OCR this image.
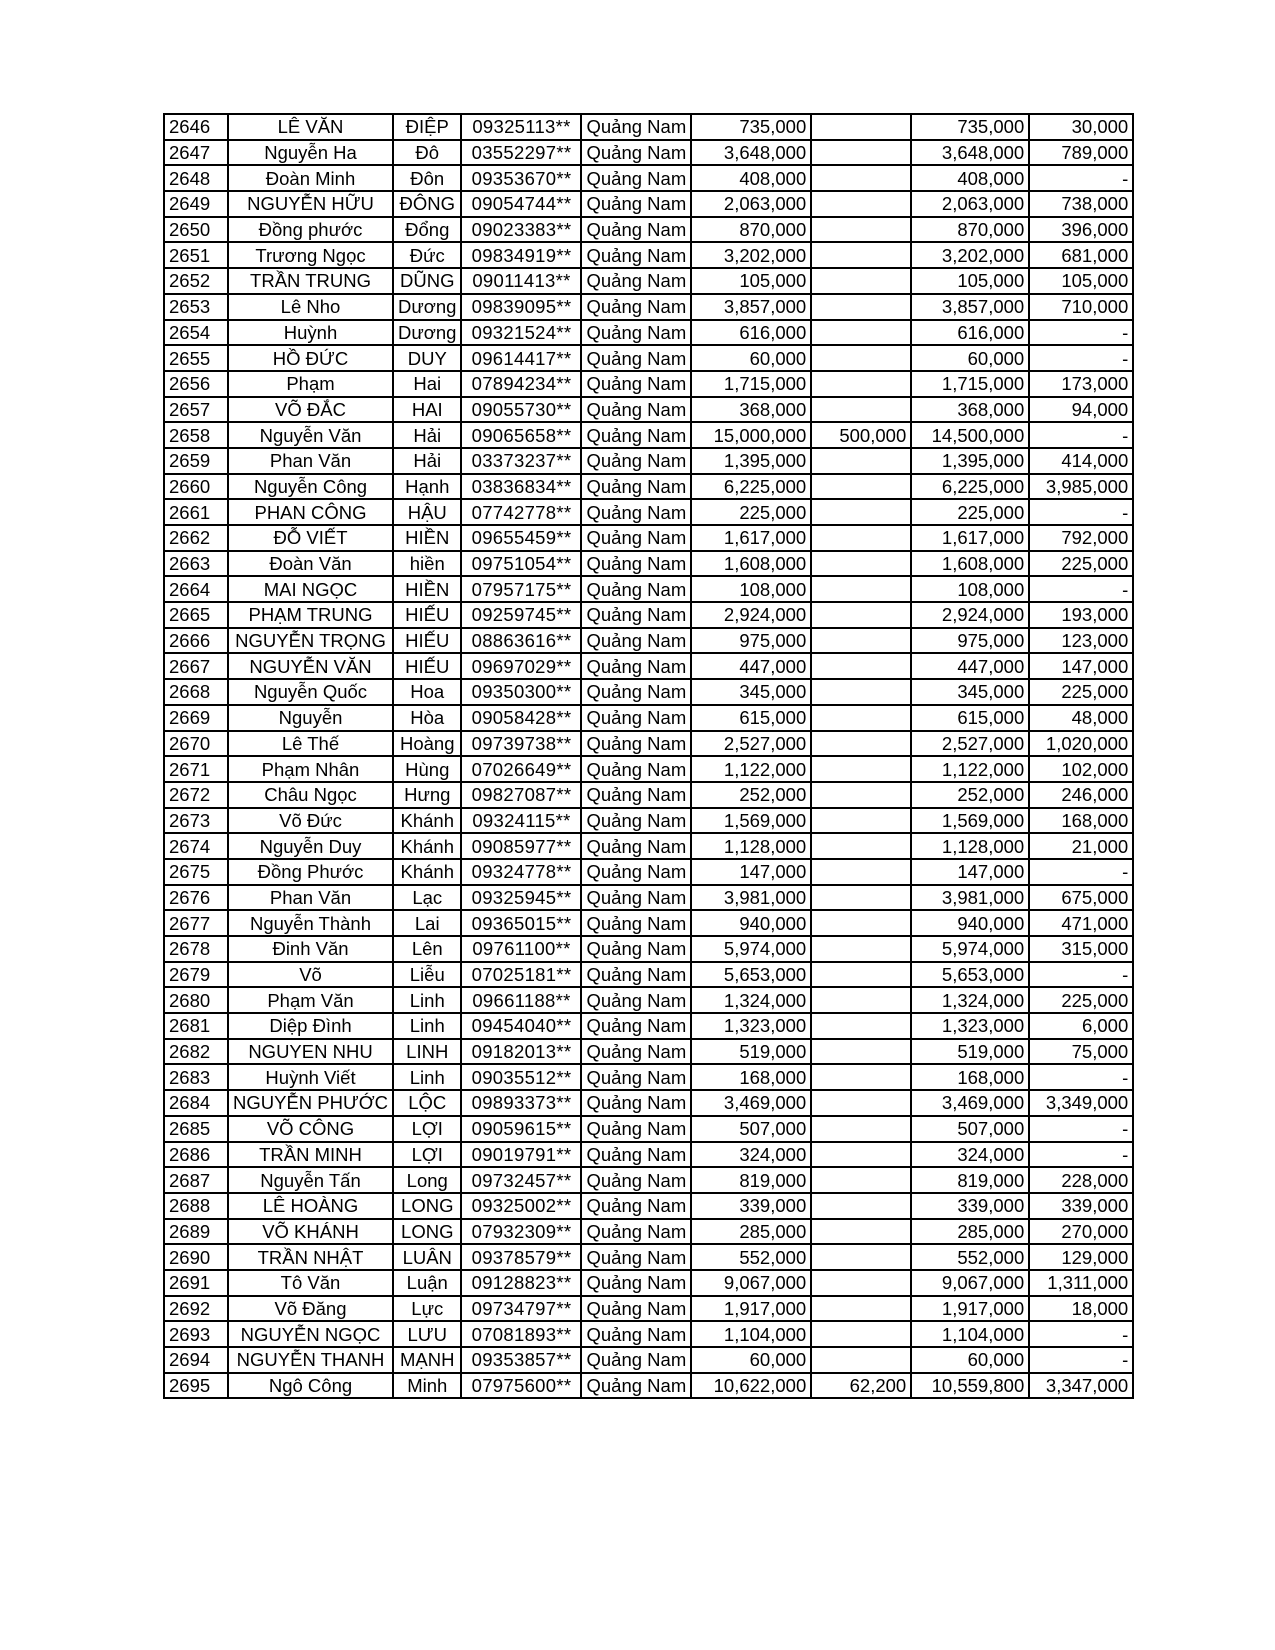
2646	LÊ VĂN	ĐIỆP	09325113**	Quảng Nam	735,000		735,000	30,000
2647	Nguyễn Ha	Đô	03552297**	Quảng Nam	3,648,000		3,648,000	789,000
2648	Đoàn Minh	Đôn	09353670**	Quảng Nam	408,000		408,000	-
2649	NGUYỄN HỮU	ĐÔNG	09054744**	Quảng Nam	2,063,000		2,063,000	738,000
2650	Đồng phước	Đổng	09023383**	Quảng Nam	870,000		870,000	396,000
2651	Trương Ngọc	Đức	09834919**	Quảng Nam	3,202,000		3,202,000	681,000
2652	TRẦN TRUNG	DŨNG	09011413**	Quảng Nam	105,000		105,000	105,000
2653	Lê Nho	Dương	09839095**	Quảng Nam	3,857,000		3,857,000	710,000
2654	Huỳnh	Dương	09321524**	Quảng Nam	616,000		616,000	-
2655	HỒ ĐỨC	DUY	09614417**	Quảng Nam	60,000		60,000	-
2656	Phạm	Hai	07894234**	Quảng Nam	1,715,000		1,715,000	173,000
2657	VÕ ĐẮC	HAI	09055730**	Quảng Nam	368,000		368,000	94,000
2658	Nguyễn Văn	Hải	09065658**	Quảng Nam	15,000,000	500,000	14,500,000	-
2659	Phan Văn	Hải	03373237**	Quảng Nam	1,395,000		1,395,000	414,000
2660	Nguyễn Công	Hạnh	03836834**	Quảng Nam	6,225,000		6,225,000	3,985,000
2661	PHAN CÔNG	HẬU	07742778**	Quảng Nam	225,000		225,000	-
2662	ĐỖ VIẾT	HIỀN	09655459**	Quảng Nam	1,617,000		1,617,000	792,000
2663	Đoàn Văn	hiền	09751054**	Quảng Nam	1,608,000		1,608,000	225,000
2664	MAI NGỌC	HIỀN	07957175**	Quảng Nam	108,000		108,000	-
2665	PHẠM TRUNG	HIẾU	09259745**	Quảng Nam	2,924,000		2,924,000	193,000
2666	NGUYỄN TRỌNG	HIẾU	08863616**	Quảng Nam	975,000		975,000	123,000
2667	NGUYỄN VĂN	HIẾU	09697029**	Quảng Nam	447,000		447,000	147,000
2668	Nguyễn Quốc	Hoa	09350300**	Quảng Nam	345,000		345,000	225,000
2669	Nguyễn	Hòa	09058428**	Quảng Nam	615,000		615,000	48,000
2670	Lê Thế	Hoàng	09739738**	Quảng Nam	2,527,000		2,527,000	1,020,000
2671	Phạm Nhân	Hùng	07026649**	Quảng Nam	1,122,000		1,122,000	102,000
2672	Châu Ngọc	Hưng	09827087**	Quảng Nam	252,000		252,000	246,000
2673	Võ Đức	Khánh	09324115**	Quảng Nam	1,569,000		1,569,000	168,000
2674	Nguyễn Duy	Khánh	09085977**	Quảng Nam	1,128,000		1,128,000	21,000
2675	Đồng Phước	Khánh	09324778**	Quảng Nam	147,000		147,000	-
2676	Phan Văn	Lạc	09325945**	Quảng Nam	3,981,000		3,981,000	675,000
2677	Nguyễn Thành	Lai	09365015**	Quảng Nam	940,000		940,000	471,000
2678	Đinh Văn	Lên	09761100**	Quảng Nam	5,974,000		5,974,000	315,000
2679	Võ	Liễu	07025181**	Quảng Nam	5,653,000		5,653,000	-
2680	Phạm Văn	Linh	09661188**	Quảng Nam	1,324,000		1,324,000	225,000
2681	Diệp Đình	Linh	09454040**	Quảng Nam	1,323,000		1,323,000	6,000
2682	NGUYEN NHU	LINH	09182013**	Quảng Nam	519,000		519,000	75,000
2683	Huỳnh Viết	Linh	09035512**	Quảng Nam	168,000		168,000	-
2684	NGUYỄN PHƯỚC	LỘC	09893373**	Quảng Nam	3,469,000		3,469,000	3,349,000
2685	VÕ CÔNG	LỢI	09059615**	Quảng Nam	507,000		507,000	-
2686	TRẦN MINH	LỢI	09019791**	Quảng Nam	324,000		324,000	-
2687	Nguyễn Tấn	Long	09732457**	Quảng Nam	819,000		819,000	228,000
2688	LÊ HOÀNG	LONG	09325002**	Quảng Nam	339,000		339,000	339,000
2689	VÕ KHÁNH	LONG	07932309**	Quảng Nam	285,000		285,000	270,000
2690	TRẦN NHẬT	LUÂN	09378579**	Quảng Nam	552,000		552,000	129,000
2691	Tô Văn	Luận	09128823**	Quảng Nam	9,067,000		9,067,000	1,311,000
2692	Võ Đăng	Lực	09734797**	Quảng Nam	1,917,000		1,917,000	18,000
2693	NGUYỄN NGỌC	LƯU	07081893**	Quảng Nam	1,104,000		1,104,000	-
2694	NGUYỄN THANH	MẠNH	09353857**	Quảng Nam	60,000		60,000	-
2695	Ngô Công	Minh	07975600**	Quảng Nam	10,622,000	62,200	10,559,800	3,347,000
